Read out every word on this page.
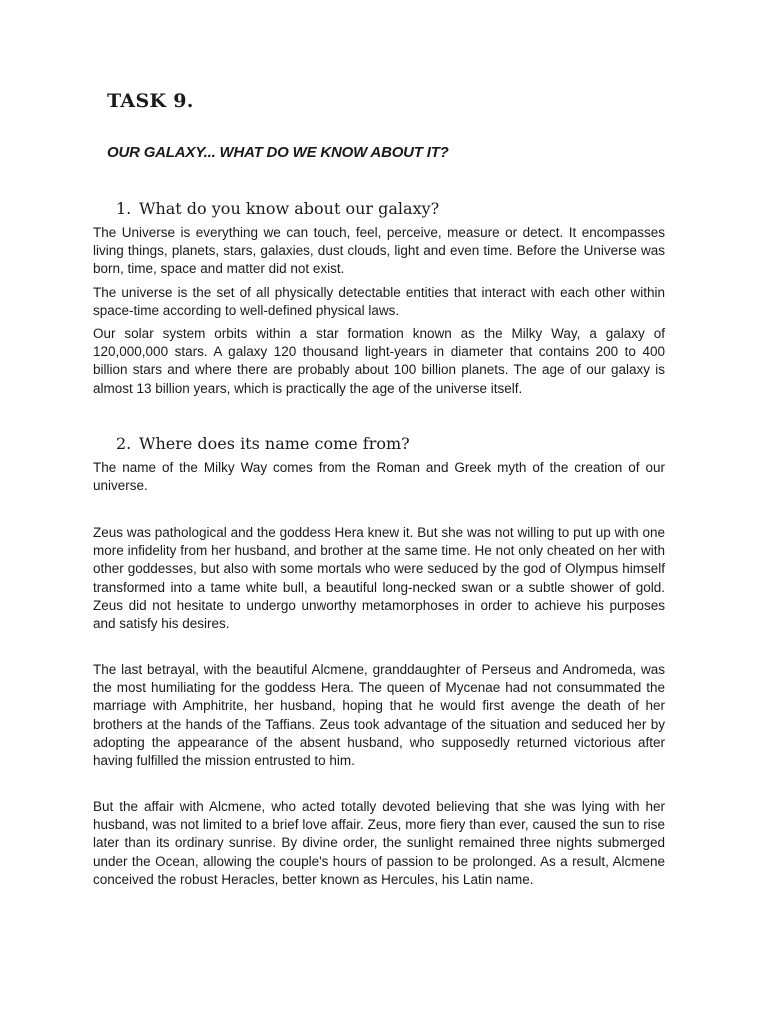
TASK 9.
OUR GALAXY... WHAT DO WE KNOW ABOUT IT?
1. What do you know about our galaxy?

The Universe is everything we can touch, feel, perceive, measure or detect. It encompasses living things, planets, stars, galaxies, dust clouds, light and even time. Before the Universe was born, time, space and matter did not exist.

The universe is the set of all physically detectable entities that interact with each other within space-time according to well-defined physical laws.

Our solar system orbits within a star formation known as the Milky Way, a galaxy of 120,000,000 stars. A galaxy 120 thousand light-years in diameter that contains 200 to 400 billion stars and where there are probably about 100 billion planets. The age of our galaxy is almost 13 billion years, which is practically the age of the universe itself.

2. Where does its name come from?

The name of the Milky Way comes from the Roman and Greek myth of the creation of our universe.

Zeus was pathological and the goddess Hera knew it. But she was not willing to put up with one more infidelity from her husband, and brother at the same time. He not only cheated on her with other goddesses, but also with some mortals who were seduced by the god of Olympus himself transformed into a tame white bull, a beautiful long-necked swan or a subtle shower of gold. Zeus did not hesitate to undergo unworthy metamorphoses in order to achieve his purposes and satisfy his desires.

The last betrayal, with the beautiful Alcmene, granddaughter of Perseus and Andromeda, was the most humiliating for the goddess Hera. The queen of Mycenae had not consummated the marriage with Amphitrite, her husband, hoping that he would first avenge the death of her brothers at the hands of the Taffians. Zeus took advantage of the situation and seduced her by adopting the appearance of the absent husband, who supposedly returned victorious after having fulfilled the mission entrusted to him.

But the affair with Alcmene, who acted totally devoted believing that she was lying with her husband, was not limited to a brief love affair. Zeus, more fiery than ever, caused the sun to rise later than its ordinary sunrise. By divine order, the sunlight remained three nights submerged under the Ocean, allowing the couple's hours of passion to be prolonged. As a result, Alcmene conceived the robust Heracles, better known as Hercules, his Latin name.
